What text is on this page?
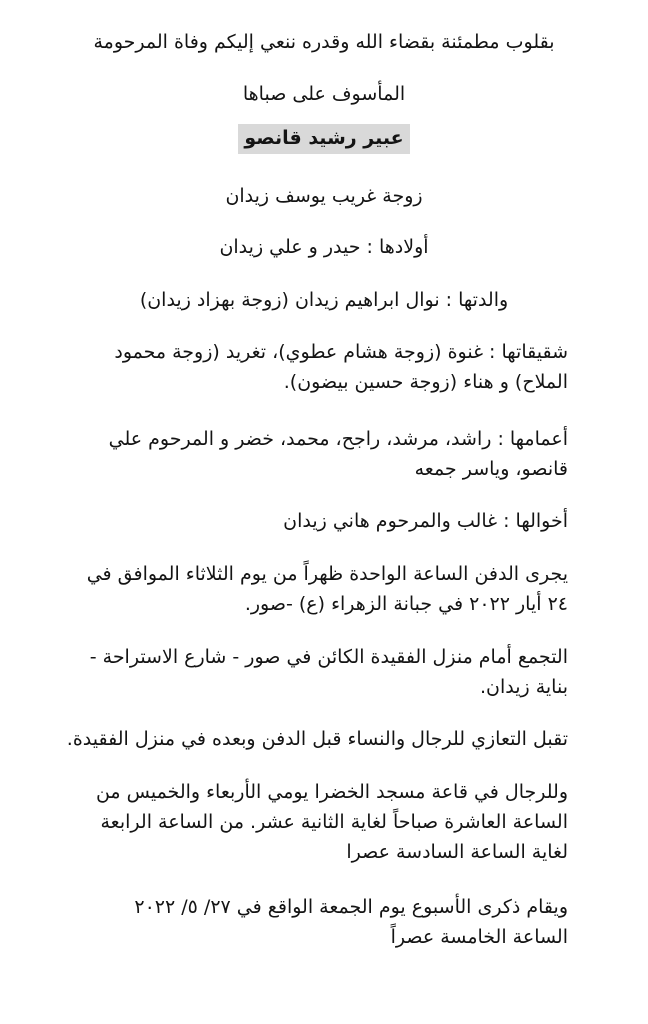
بقلوب مطمئنة بقضاء الله وقدره ننعي إليكم وفاة المرحومة
المأسوف على صباها
عبير رشيد قانصو
زوجة غريب يوسف زيدان
أولادها : حيدر و علي زيدان
والدتها : نوال ابراهيم زيدان (زوجة بهزاد زيدان)
شقيقاتها : غنوة (زوجة هشام عطوي)، تغريد (زوجة محمود
الملاح) و هناء (زوجة حسين بيضون).
أعمامها : راشد، مرشد، راجح، محمد، خضر و المرحوم علي
قانصو، وياسر جمعه
أخوالها : غالب والمرحوم هاني زيدان
يجرى الدفن الساعة الواحدة ظهراً من يوم الثلاثاء الموافق في
٢٤ أيار ٢٠٢٢ في جبانة الزهراء (ع) -صور.
التجمع أمام منزل الفقيدة الكائن في صور - شارع الاستراحة -
بناية زيدان.
تقبل التعازي للرجال والنساء قبل الدفن وبعده في منزل الفقيدة.
وللرجال في قاعة مسجد الخضرا يومي الأربعاء والخميس من
الساعة العاشرة صباحاً لغاية الثانية عشر. من الساعة الرابعة
لغاية الساعة السادسة عصرا
ويقام ذكرى الأسبوع يوم الجمعة الواقع في ٢٧/ ٥/ ٢٠٢٢
الساعة الخامسة عصراً
